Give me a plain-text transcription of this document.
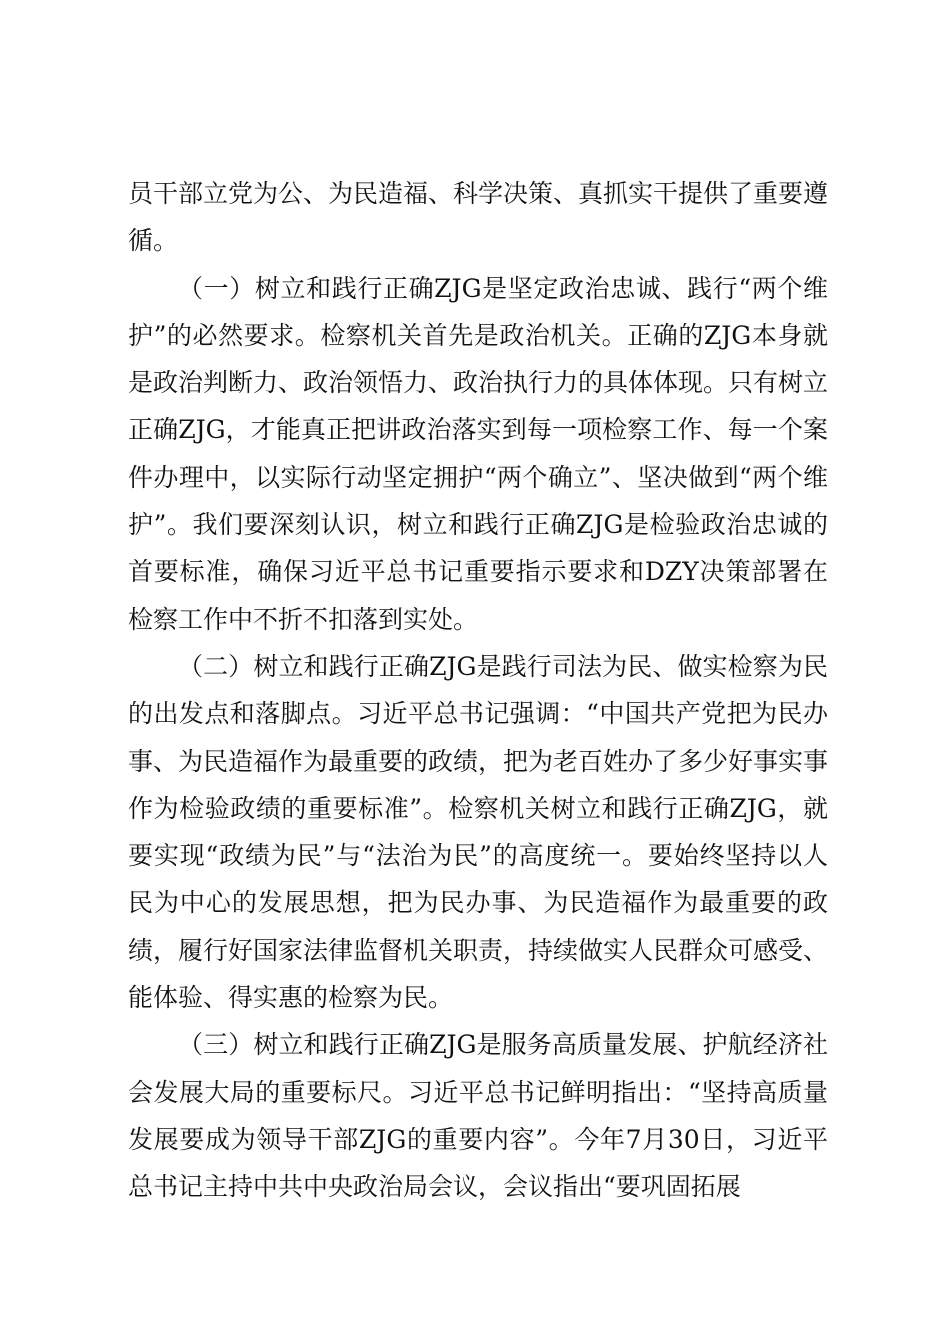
员干部立党为公、为民造福、科学决策、真抓实干提供了重要遵循。

（一）树立和践行正确ZJG是坚定政治忠诚、践行“两个维护”的必然要求。检察机关首先是政治机关。正确的ZJG本身就是政治判断力、政治领悟力、政治执行力的具体体现。只有树立正确ZJG，才能真正把讲政治落实到每一项检察工作、每一个案件办理中，以实际行动坚定拥护“两个确立”、坚决做到“两个维护”。我们要深刻认识，树立和践行正确ZJG是检验政治忠诚的首要标准，确保习近平总书记重要指示要求和DZY决策部署在检察工作中不折不扣落到实处。

（二）树立和践行正确ZJG是践行司法为民、做实检察为民的出发点和落脚点。习近平总书记强调：“中国共产党把为民办事、为民造福作为最重要的政绩，把为老百姓办了多少好事实事作为检验政绩的重要标准”。检察机关树立和践行正确ZJG，就要实现“政绩为民”与“法治为民”的高度统一。要始终坚持以人民为中心的发展思想，把为民办事、为民造福作为最重要的政绩，履行好国家法律监督机关职责，持续做实人民群众可感受、能体验、得实惠的检察为民。

（三）树立和践行正确ZJG是服务高质量发展、护航经济社会发展大局的重要标尺。习近平总书记鲜明指出：“坚持高质量发展要成为领导干部ZJG的重要内容”。今年7月30日，习近平总书记主持中共中央政治局会议，会议指出“要巩固拓展
